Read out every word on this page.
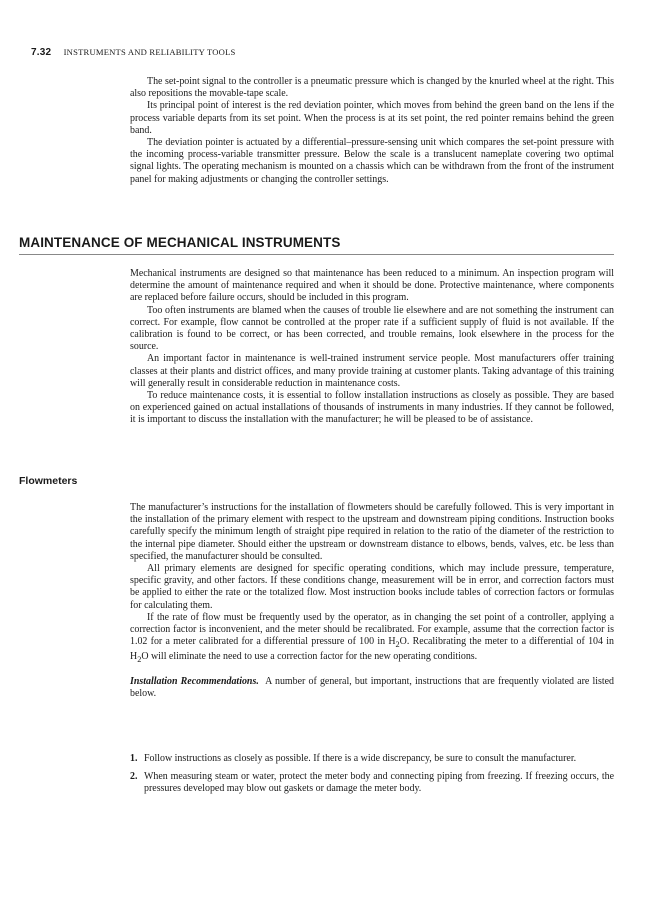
7.32 INSTRUMENTS AND RELIABILITY TOOLS

The set-point signal to the controller is a pneumatic pressure which is changed by the knurled wheel at the right. This also repositions the movable-tape scale.

Its principal point of interest is the red deviation pointer, which moves from behind the green band on the lens if the process variable departs from its set point. When the process is at its set point, the red pointer remains behind the green band.

The deviation pointer is actuated by a differential–pressure-sensing unit which compares the set-point pressure with the incoming process-variable transmitter pressure. Below the scale is a translucent nameplate covering two optimal signal lights. The operating mechanism is mounted on a chassis which can be withdrawn from the front of the instrument panel for making adjustments or changing the controller settings.

MAINTENANCE OF MECHANICAL INSTRUMENTS

Mechanical instruments are designed so that maintenance has been reduced to a minimum. An inspection program will determine the amount of maintenance required and when it should be done. Protective maintenance, where components are replaced before failure occurs, should be included in this program.

Too often instruments are blamed when the causes of trouble lie elsewhere and are not something the instrument can correct. For example, flow cannot be controlled at the proper rate if a sufficient supply of fluid is not available. If the calibration is found to be correct, or has been corrected, and trouble remains, look elsewhere in the process for the source.

An important factor in maintenance is well-trained instrument service people. Most manufacturers offer training classes at their plants and district offices, and many provide training at customer plants. Taking advantage of this training will generally result in considerable reduction in maintenance costs.

To reduce maintenance costs, it is essential to follow installation instructions as closely as possible. They are based on experienced gained on actual installations of thousands of instruments in many industries. If they cannot be followed, it is important to discuss the installation with the manufacturer; he will be pleased to be of assistance.

Flowmeters

The manufacturer’s instructions for the installation of flowmeters should be carefully followed. This is very important in the installation of the primary element with respect to the upstream and downstream piping conditions. Instruction books carefully specify the minimum length of straight pipe required in relation to the ratio of the diameter of the restriction to the internal pipe diameter. Should either the upstream or downstream distance to elbows, bends, valves, etc. be less than specified, the manufacturer should be consulted.

All primary elements are designed for specific operating conditions, which may include pressure, temperature, specific gravity, and other factors. If these conditions change, measurement will be in error, and correction factors must be applied to either the rate or the totalized flow. Most instruction books include tables of correction factors or formulas for calculating them.

If the rate of flow must be frequently used by the operator, as in changing the set point of a controller, applying a correction factor is inconvenient, and the meter should be recalibrated. For example, assume that the correction factor is 1.02 for a meter calibrated for a differential pressure of 100 in $H_2O$. Recalibrating the meter to a differential of 104 in $H_2O$ will eliminate the need to use a correction factor for the new operating conditions.

Installation Recommendations. A number of general, but important, instructions that are frequently violated are listed below.

1. Follow instructions as closely as possible. If there is a wide discrepancy, be sure to consult the manufacturer.
2. When measuring steam or water, protect the meter body and connecting piping from freezing. If freezing occurs, the pressures developed may blow out gaskets or damage the meter body.
